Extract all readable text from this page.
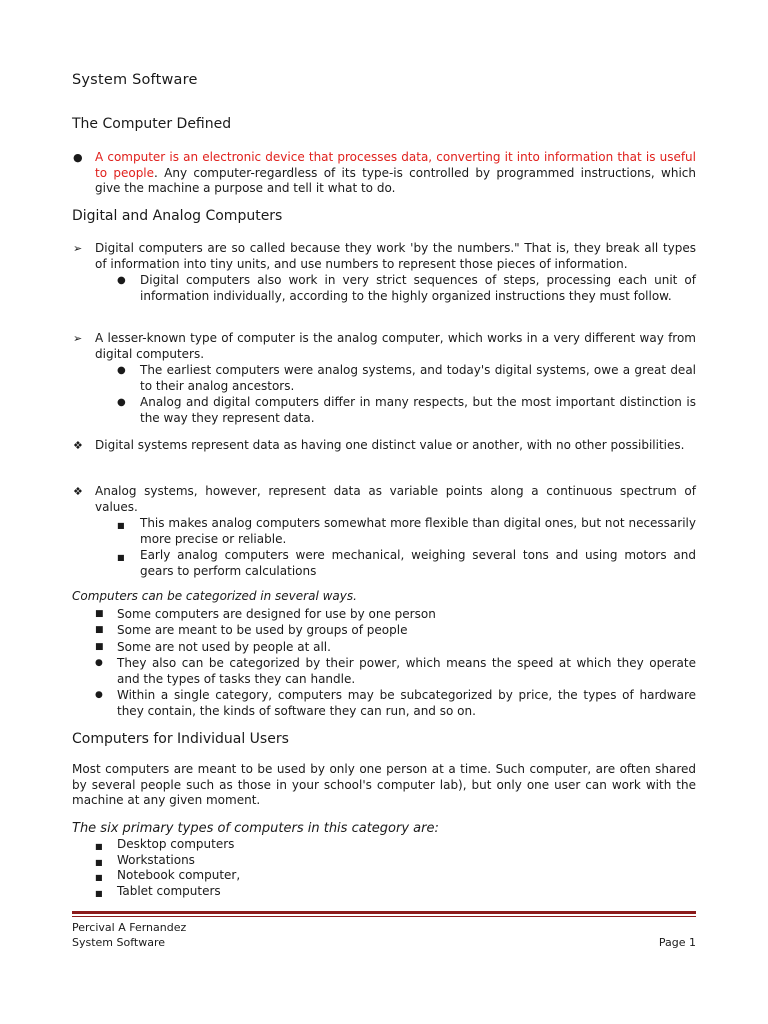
System Software
The Computer Defined
● A computer is an electronic device that processes data, converting it into information that is useful to people. Any computer-regardless of its type-is controlled by programmed instructions, which give the machine a purpose and tell it what to do.
Digital and Analog Computers
➢ Digital computers are so called because they work 'by the numbers." That is, they break all types of information into tiny units, and use numbers to represent those pieces of information.
● Digital computers also work in very strict sequences of steps, processing each unit of information individually, according to the highly organized instructions they must follow.
➢ A lesser-known type of computer is the analog computer, which works in a very different way from digital computers.
● The earliest computers were analog systems, and today's digital systems, owe a great deal to their analog ancestors.
● Analog and digital computers differ in many respects, but the most important distinction is the way they represent data.
❖ Digital systems represent data as having one distinct value or another, with no other possibilities.
❖ Analog systems, however, represent data as variable points along a continuous spectrum of values.
■ This makes analog computers somewhat more flexible than digital ones, but not necessarily more precise or reliable.
■ Early analog computers were mechanical, weighing several tons and using motors and gears to perform calculations

Computers can be categorized in several ways.

■ Some computers are designed for use by one person
■ Some are meant to be used by groups of people
■ Some are not used by people at all.
● They also can be categorized by their power, which means the speed at which they operate and the types of tasks they can handle.
● Within a single category, computers may be subcategorized by price, the types of hardware they contain, the kinds of software they can run, and so on.
Computers for Individual Users

Most computers are meant to be used by only one person at a time. Such computer, are often shared by several people such as those in your school's computer lab), but only one user can work with the machine at any given moment.

The six primary types of computers in this category are:

■ Desktop computers
■ Workstations
■ Notebook computer,
■ Tablet computers
Percival A Fernandez
System Software	Page 1
